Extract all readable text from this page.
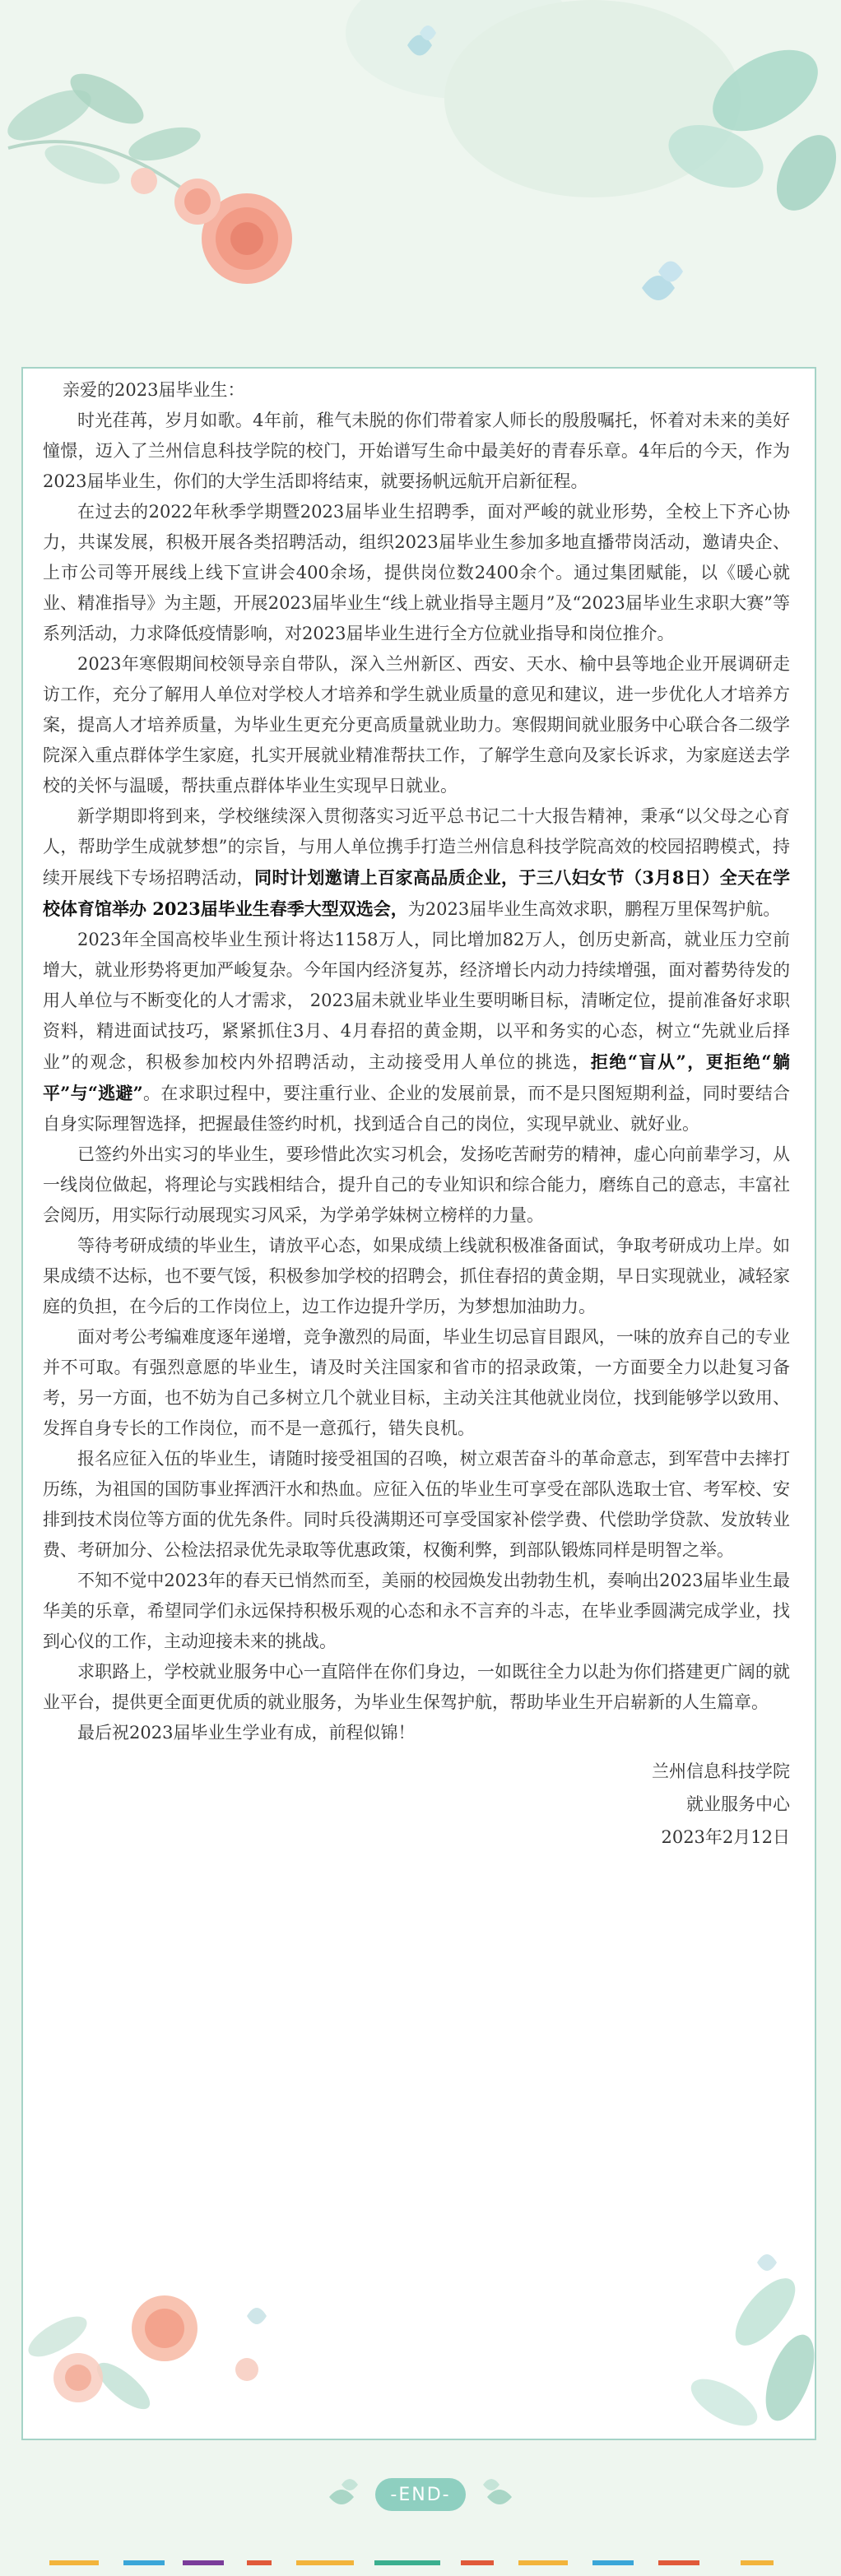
亲爱的2023届毕业生：

时光荏苒，岁月如歌。4年前，稚气未脱的你们带着家人师长的殷殷嘱托，怀着对未来的美好憧憬，迈入了兰州信息科技学院的校门，开始谱写生命中最美好的青春乐章。4年后的今天，作为2023届毕业生，你们的大学生活即将结束，就要扬帆远航开启新征程。

在过去的2022年秋季学期暨2023届毕业生招聘季，面对严峻的就业形势，全校上下齐心协力，共谋发展，积极开展各类招聘活动，组织2023届毕业生参加多地直播带岗活动，邀请央企、上市公司等开展线上线下宣讲会400余场，提供岗位数2400余个。通过集团赋能，以《暖心就业、精准指导》为主题，开展2023届毕业生“线上就业指导主题月”及“2023届毕业生求职大赛”等系列活动，力求降低疫情影响，对2023届毕业生进行全方位就业指导和岗位推介。

2023年寒假期间校领导亲自带队，深入兰州新区、西安、天水、榆中县等地企业开展调研走访工作，充分了解用人单位对学校人才培养和学生就业质量的意见和建议，进一步优化人才培养方案，提高人才培养质量，为毕业生更充分更高质量就业助力。寒假期间就业服务中心联合各二级学院深入重点群体学生家庭，扎实开展就业精准帮扶工作，了解学生意向及家长诉求，为家庭送去学校的关怀与温暖，帮扶重点群体毕业生实现早日就业。

新学期即将到来，学校继续深入贯彻落实习近平总书记二十大报告精神，秉承“以父母之心育人，帮助学生成就梦想”的宗旨，与用人单位携手打造兰州信息科技学院高效的校园招聘模式，持续开展线下专场招聘活动，同时计划邀请上百家高品质企业，于三八妇女节（3月8日）全天在学校体育馆举办 2023届毕业生春季大型双选会，为2023届毕业生高效求职，鹏程万里保驾护航。

2023年全国高校毕业生预计将达1158万人，同比增加82万人，创历史新高，就业压力空前增大，就业形势将更加严峻复杂。今年国内经济复苏，经济增长内动力持续增强，面对蓄势待发的用人单位与不断变化的人才需求， 2023届未就业毕业生要明晰目标，清晰定位，提前准备好求职资料，精进面试技巧，紧紧抓住3月、4月春招的黄金期，以平和务实的心态，树立“先就业后择业”的观念，积极参加校内外招聘活动，主动接受用人单位的挑选，拒绝“盲从”，更拒绝“躺平”与“逃避”。在求职过程中，要注重行业、企业的发展前景，而不是只图短期利益，同时要结合自身实际理智选择，把握最佳签约时机，找到适合自己的岗位，实现早就业、就好业。

已签约外出实习的毕业生，要珍惜此次实习机会，发扬吃苦耐劳的精神，虚心向前辈学习，从一线岗位做起，将理论与实践相结合，提升自己的专业知识和综合能力，磨练自己的意志，丰富社会阅历，用实际行动展现实习风采，为学弟学妹树立榜样的力量。

等待考研成绩的毕业生，请放平心态，如果成绩上线就积极准备面试，争取考研成功上岸。如果成绩不达标，也不要气馁，积极参加学校的招聘会，抓住春招的黄金期，早日实现就业，减轻家庭的负担，在今后的工作岗位上，边工作边提升学历，为梦想加油助力。

面对考公考编难度逐年递增，竞争激烈的局面，毕业生切忌盲目跟风，一味的放弃自己的专业并不可取。有强烈意愿的毕业生，请及时关注国家和省市的招录政策，一方面要全力以赴复习备考，另一方面，也不妨为自己多树立几个就业目标，主动关注其他就业岗位，找到能够学以致用、发挥自身专长的工作岗位，而不是一意孤行，错失良机。

报名应征入伍的毕业生，请随时接受祖国的召唤，树立艰苦奋斗的革命意志，到军营中去摔打历练，为祖国的国防事业挥洒汗水和热血。应征入伍的毕业生可享受在部队选取士官、考军校、安排到技术岗位等方面的优先条件。同时兵役满期还可享受国家补偿学费、代偿助学贷款、发放转业费、考研加分、公检法招录优先录取等优惠政策，权衡利弊，到部队锻炼同样是明智之举。

不知不觉中2023年的春天已悄然而至，美丽的校园焕发出勃勃生机，奏响出2023届毕业生最华美的乐章，希望同学们永远保持积极乐观的心态和永不言弃的斗志，在毕业季圆满完成学业，找到心仪的工作，主动迎接未来的挑战。

求职路上，学校就业服务中心一直陪伴在你们身边，一如既往全力以赴为你们搭建更广阔的就业平台，提供更全面更优质的就业服务，为毕业生保驾护航，帮助毕业生开启崭新的人生篇章。

最后祝2023届毕业生学业有成，前程似锦！

兰州信息科技学院
就业服务中心
2023年2月12日
-END-
